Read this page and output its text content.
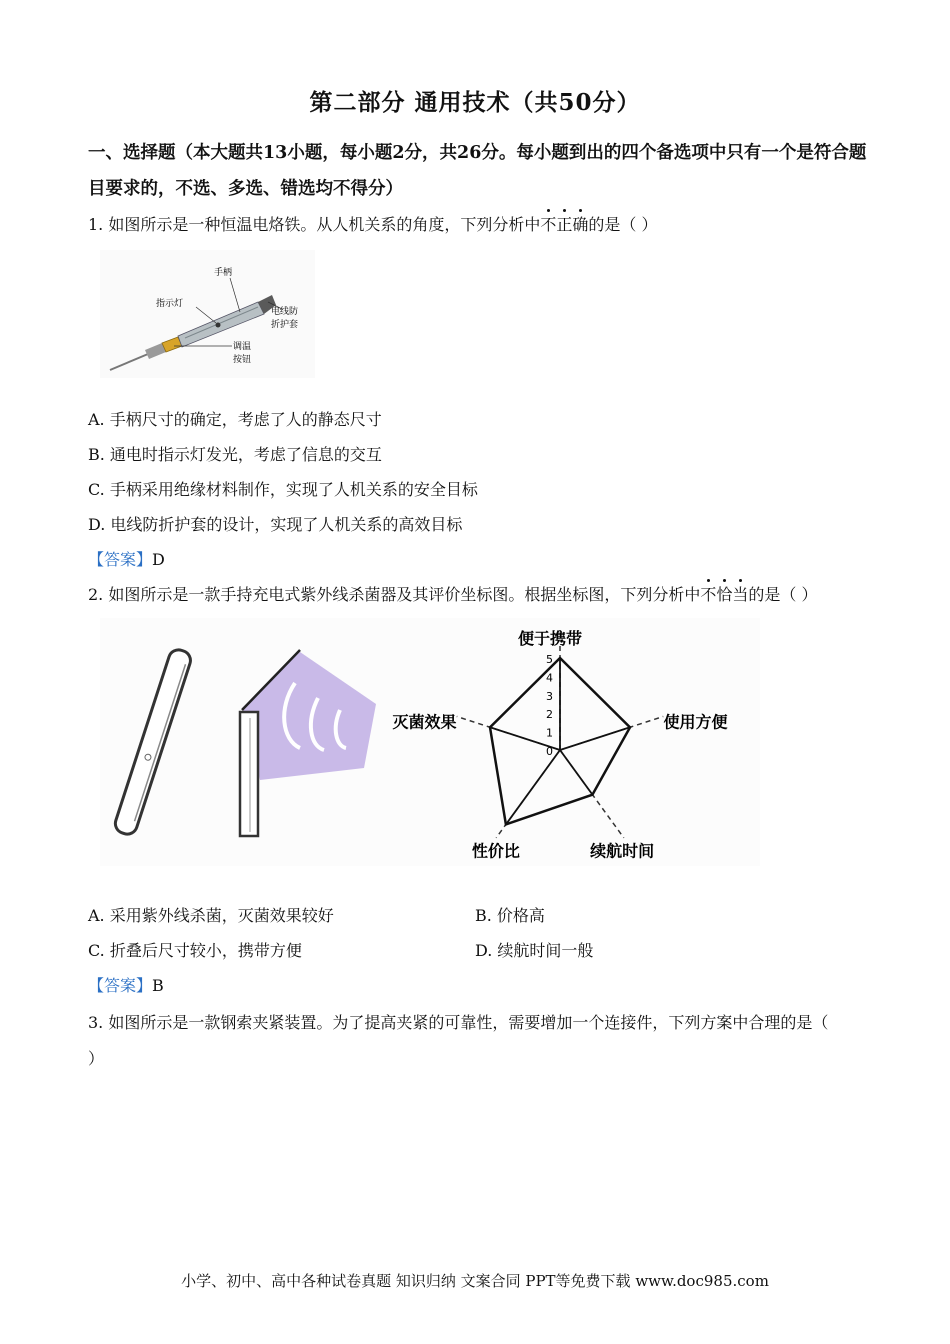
第二部分 通用技术（共50分）
一、选择题（本大题共13小题，每小题2分，共26分。每小题到出的四个备选项中只有一个是符合题目要求的，不选、多选、错选均不得分）
1. 如图所示是一种恒温电烙铁。从人机关系的角度，下列分析中不正确的是（ ）
手柄
指示灯
电线防
折护套
调温
按钮
A. 手柄尺寸的确定，考虑了人的静态尺寸
B. 通电时指示灯发光，考虑了信息的交互
C. 手柄采用绝缘材料制作，实现了人机关系的安全目标
D. 电线防折护套的设计，实现了人机关系的高效目标
【答案】D
2. 如图所示是一款手持充电式紫外线杀菌器及其评价坐标图。根据坐标图，下列分析中不恰当的是（ ）
0
1
2
3
4
5
便于携带
使用方便
续航时间
性价比
灭菌效果
A. 采用紫外线杀菌，灭菌效果较好	B. 价格高
C. 折叠后尺寸较小，携带方便	D. 续航时间一般
【答案】B
3. 如图所示是一款钢索夹紧装置。为了提高夹紧的可靠性，需要增加一个连接件，下列方案中合理的是（
）
小学、初中、高中各种试卷真题 知识归纳 文案合同 PPT等免费下载 www.doc985.com
